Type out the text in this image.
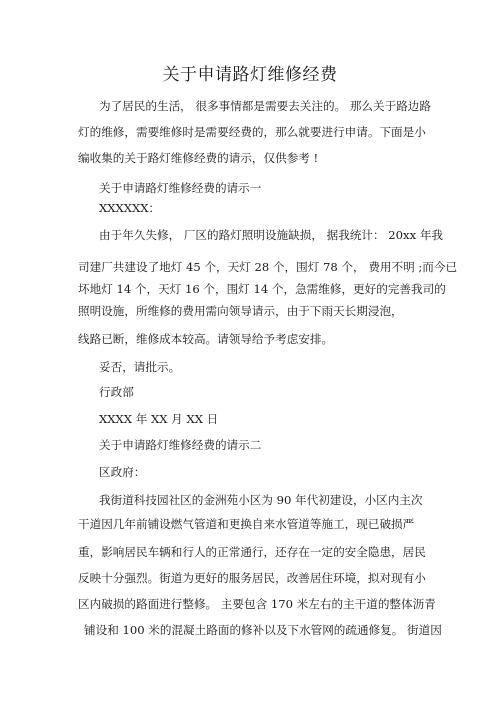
关于申请路灯维修经费
为了居民的生活， 很多事情都是需要去关注的。 那么关于路边路
灯的维修，需要维修时是需要经费的，那么就要进行申请。下面是小
编收集的关于路灯维修经费的请示，仅供参考 !
关于申请路灯维修经费的请示一
XXXXXX：
由于年久失修， 厂区的路灯照明设施缺损， 据我统计： 20xx 年我
司建厂共建设了地灯 45 个，天灯 28 个，围灯 78 个， 费用不明 ;而今已
坏地灯 14 个，天灯 16 个，围灯 14 个，急需维修，更好的完善我司的
照明设施，所维修的费用需向领导请示，由于下雨天长期浸泡，
线路已断，维修成本较高。请领导给予考虑安排。
妥否，请批示。
行政部
XXXX 年 XX 月 XX 日
关于申请路灯维修经费的请示二
区政府：
我街道科技园社区的金洲苑小区为 90 年代初建设，小区内主次
干道因几年前铺设燃气管道和更换自来水管道等施工，现已破损严
重，影响居民车辆和行人的正常通行，还存在一定的安全隐患，居民
反映十分强烈。街道为更好的服务居民，改善居住环境，拟对现有小
区内破损的路面进行整修。 主要包含 170 米左右的主干道的整体沥青
铺设和 100 米的混凝土路面的修补以及下水管网的疏通修复。 街道因
